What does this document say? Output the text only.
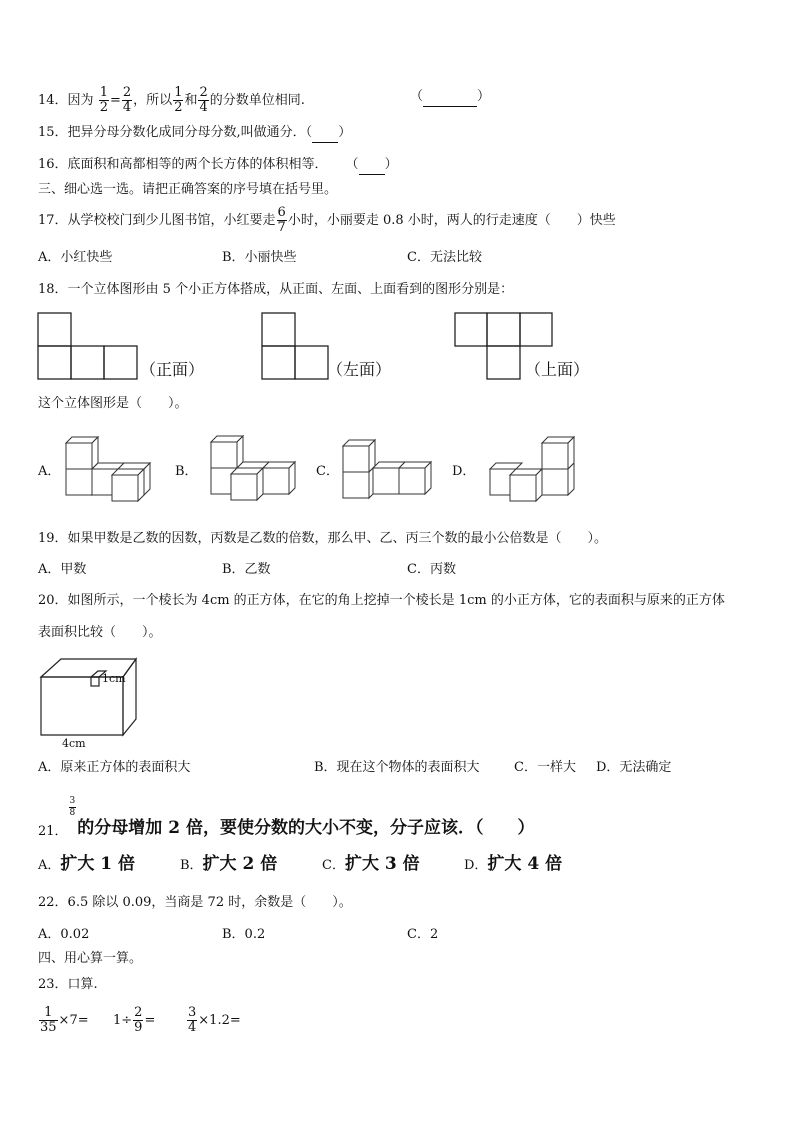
14．因为 $\frac{1}{2} = \frac{2}{4}$ ，所以 $\frac{1}{2}$ 和 $\frac{2}{4}$ 的分数单位相同.	（	）
15．把异分母分数化成同分母分数,叫做通分．（ ）
16．底面积和高都相等的两个长方体的体积相等． （ ）
三、细心选一选。请把正确答案的序号填在括号里。
17．从学校校门到少儿图书馆，小红要走 $\frac{6}{7}$ 小时，小丽要走 0.8 小时，两人的行走速度（　　）快些
A．小红快些	B．小丽快些	C．无法比较
18．一个立体图形由 5 个小正方体搭成，从正面、左面、上面看到的图形分别是：
（正面）	（左面）	（上面）
这个立体图形是（　　）。
A．	B．	C．	D．
19．如果甲数是乙数的因数，丙数是乙数的倍数，那么甲、乙、丙三个数的最小公倍数是（　　）。
A．甲数	B．乙数	C．丙数
20．如图所示，一个棱长为 4cm 的正方体，在它的角上挖掉一个棱长是 1cm 的小正方体，它的表面积与原来的正方体
表面积比较（　　）。
1cm
4cm
A．原来正方体的表面积大	B．现在这个物体的表面积大	C．一样大 D．无法确定
21．
$\frac{3}{8}$
的分母增加 2 倍，要使分数的大小不变，分子应该．（　　）
A．扩大 1 倍	B．扩大 2 倍	C．扩大 3 倍	D．扩大 4 倍
22．6.5 除以 0.09，当商是 72 时，余数是（　　）。
A．0.02	B．0.2	C．2
四、用心算一算。
23．口算.
$\frac{1}{35} \times 7= 1\div \frac{2}{9} = \frac{3}{4} \times 1.2=$
